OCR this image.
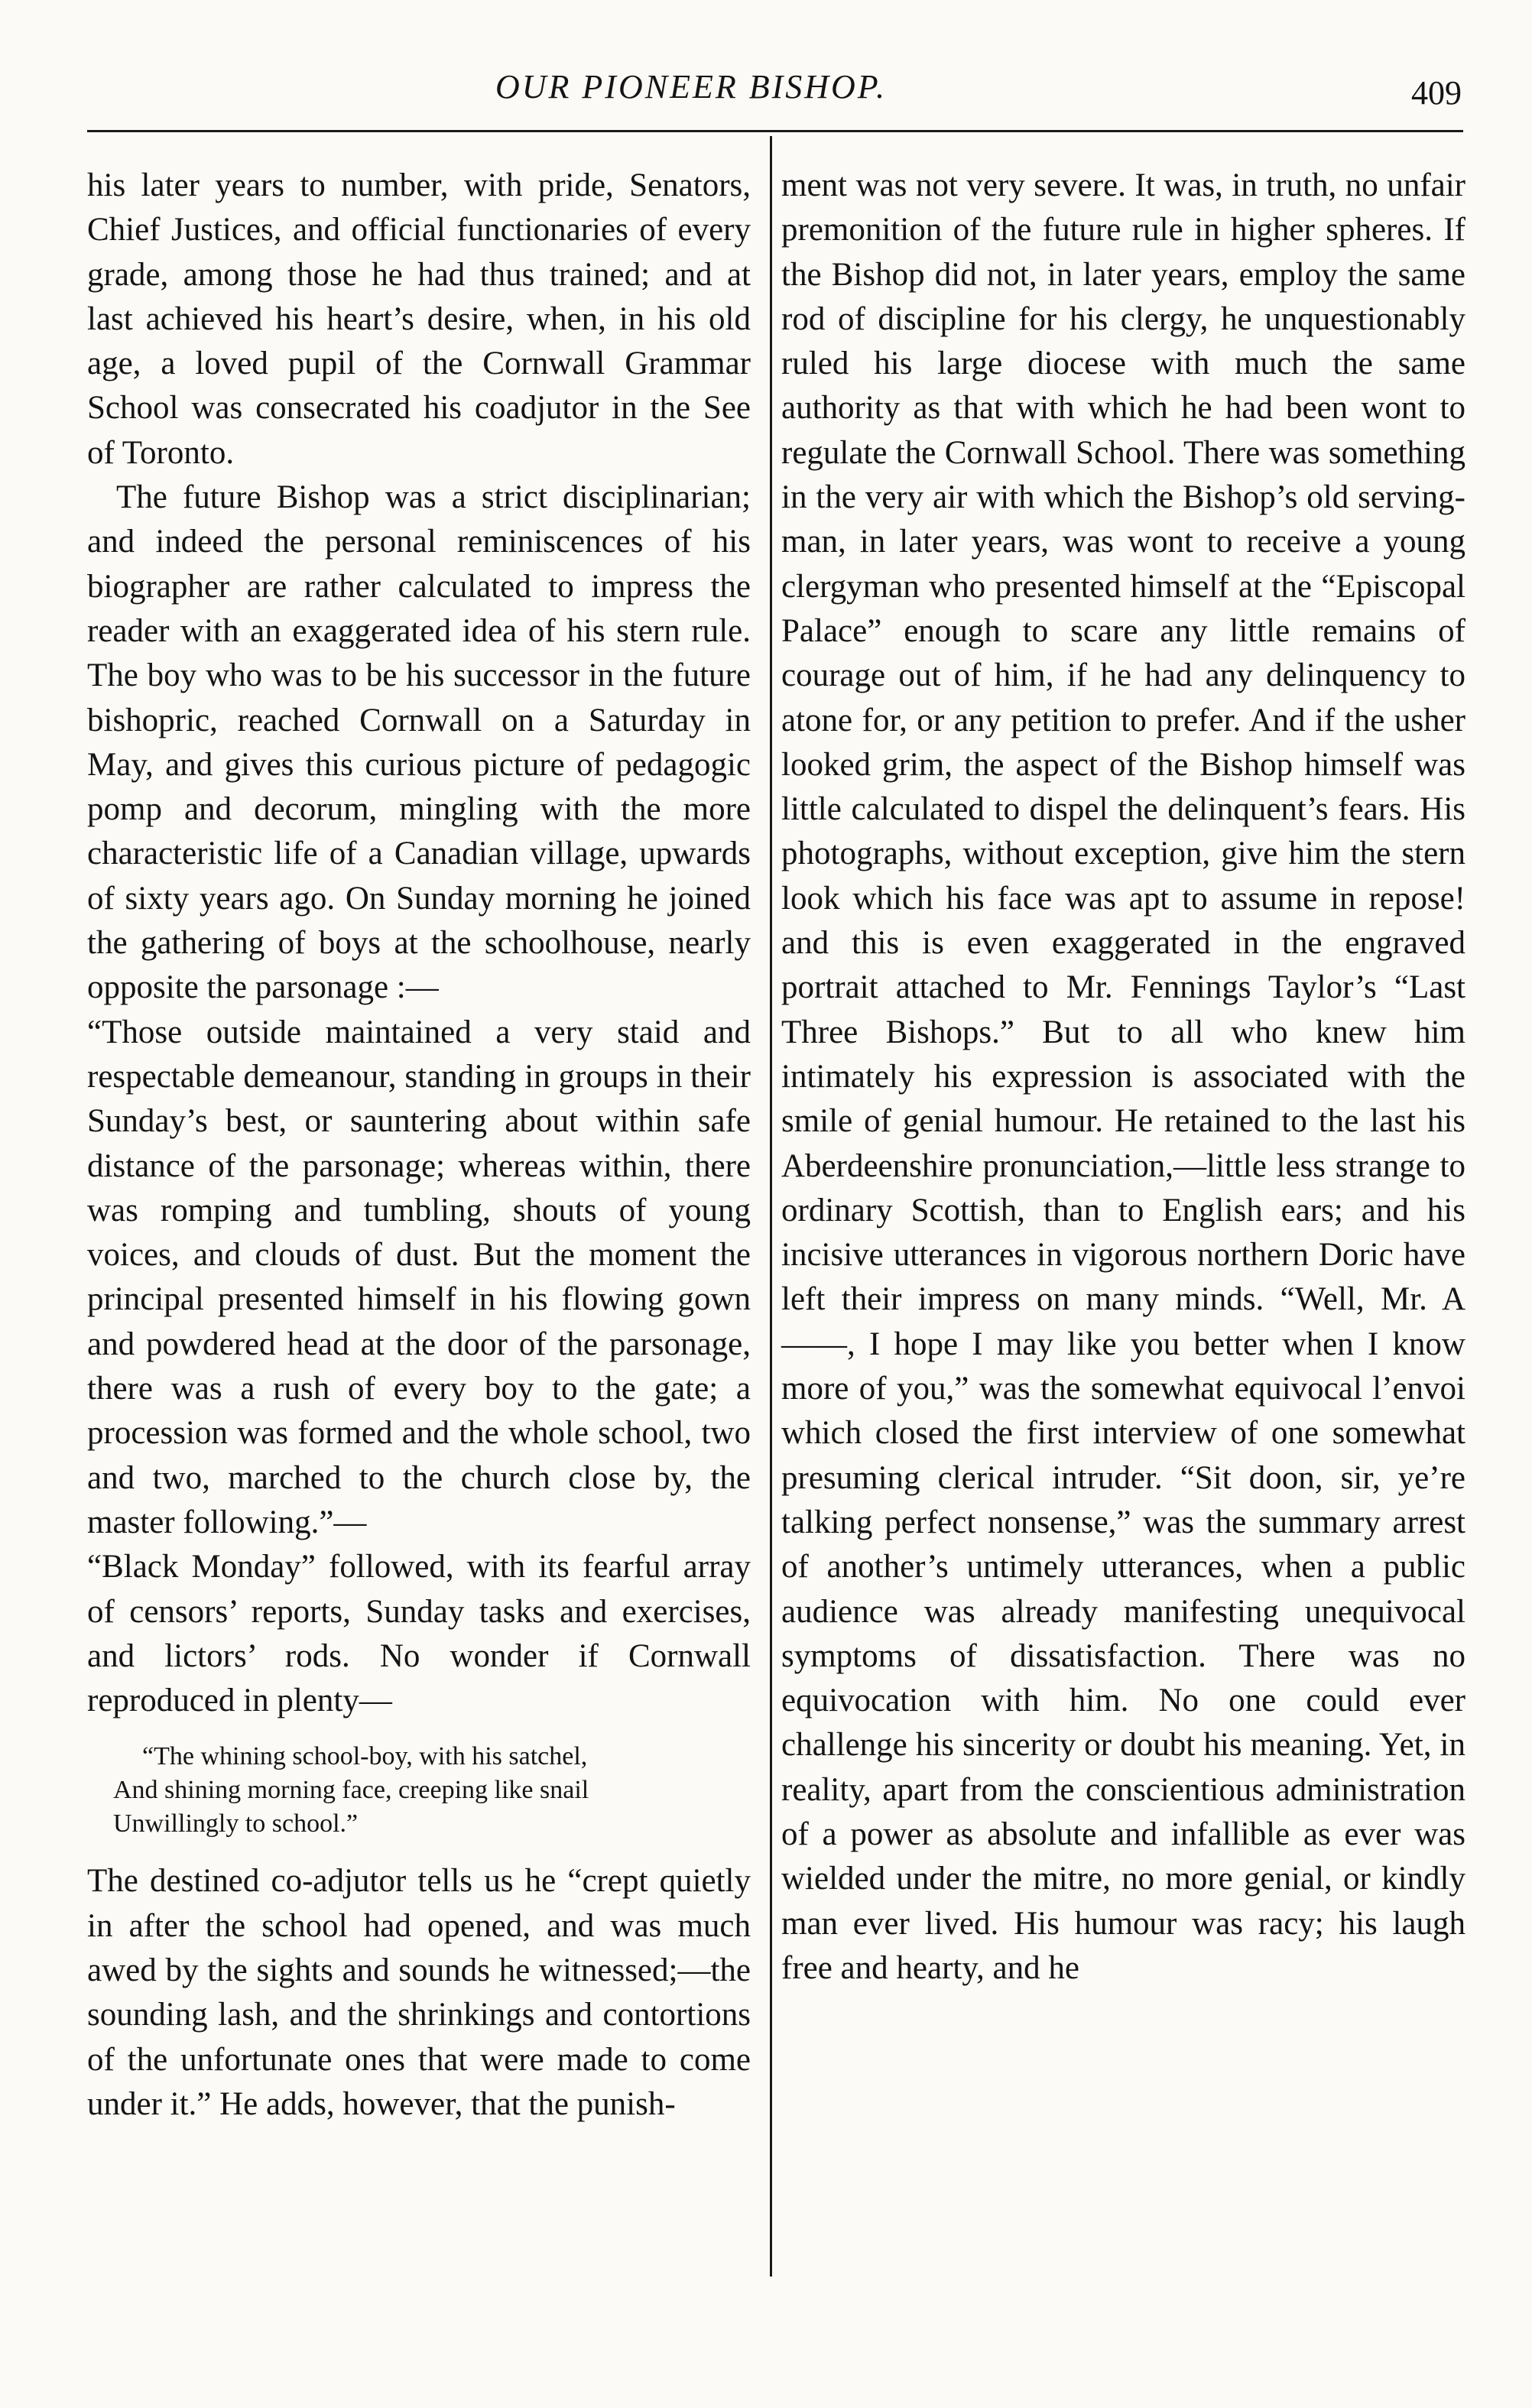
OUR PIONEER BISHOP.	409

his later years to number, with pride, Senators, Chief Justices, and official functionaries of every grade, among those he had thus trained; and at last achieved his heart’s desire, when, in his old age, a loved pupil of the Cornwall Grammar School was consecrated his coadjutor in the See of Toronto.

The future Bishop was a strict disciplinarian; and indeed the personal reminiscences of his biographer are rather calculated to impress the reader with an exaggerated idea of his stern rule. The boy who was to be his successor in the future bishopric, reached Cornwall on a Saturday in May, and gives this curious picture of pedagogic pomp and decorum, mingling with the more characteristic life of a Canadian village, upwards of sixty years ago. On Sunday morning he joined the gathering of boys at the schoolhouse, nearly opposite the parsonage :—

“Those outside maintained a very staid and respectable demeanour, standing in groups in their Sunday’s best, or sauntering about within safe distance of the parsonage; whereas within, there was romping and tumbling, shouts of young voices, and clouds of dust. But the moment the principal presented himself in his flowing gown and powdered head at the door of the parsonage, there was a rush of every boy to the gate; a procession was formed and the whole school, two and two, marched to the church close by, the master following.”—

“Black Monday” followed, with its fearful array of censors’ reports, Sunday tasks and exercises, and lictors’ rods. No wonder if Cornwall reproduced in plenty—

“The whining school-boy, with his satchel,
And shining morning face, creeping like snail
Unwillingly to school.”

The destined co-adjutor tells us he “crept quietly in after the school had opened, and was much awed by the sights and sounds he witnessed;—the sounding lash, and the shrinkings and contortions of the unfortunate ones that were made to come under it.” He adds, however, that the punish-

ment was not very severe. It was, in truth, no unfair premonition of the future rule in higher spheres. If the Bishop did not, in later years, employ the same rod of discipline for his clergy, he unquestionably ruled his large diocese with much the same authority as that with which he had been wont to regulate the Cornwall School. There was something in the very air with which the Bishop’s old serving-man, in later years, was wont to receive a young clergyman who presented himself at the “Episcopal Palace” enough to scare any little remains of courage out of him, if he had any delinquency to atone for, or any petition to prefer. And if the usher looked grim, the aspect of the Bishop himself was little calculated to dispel the delinquent’s fears. His photographs, without exception, give him the stern look which his face was apt to assume in repose! and this is even exaggerated in the engraved portrait attached to Mr. Fennings Taylor’s “Last Three Bishops.” But to all who knew him intimately his expression is associated with the smile of genial humour. He retained to the last his Aberdeenshire pronunciation,—little less strange to ordinary Scottish, than to English ears; and his incisive utterances in vigorous northern Doric have left their impress on many minds. “Well, Mr. A——, I hope I may like you better when I know more of you,” was the somewhat equivocal l’envoi which closed the first interview of one somewhat presuming clerical intruder. “Sit doon, sir, ye’re talking perfect nonsense,” was the summary arrest of another’s untimely utterances, when a public audience was already manifesting unequivocal symptoms of dissatisfaction. There was no equivocation with him. No one could ever challenge his sincerity or doubt his meaning. Yet, in reality, apart from the conscientious administration of a power as absolute and infallible as ever was wielded under the mitre, no more genial, or kindly man ever lived. His humour was racy; his laugh free and hearty, and he
